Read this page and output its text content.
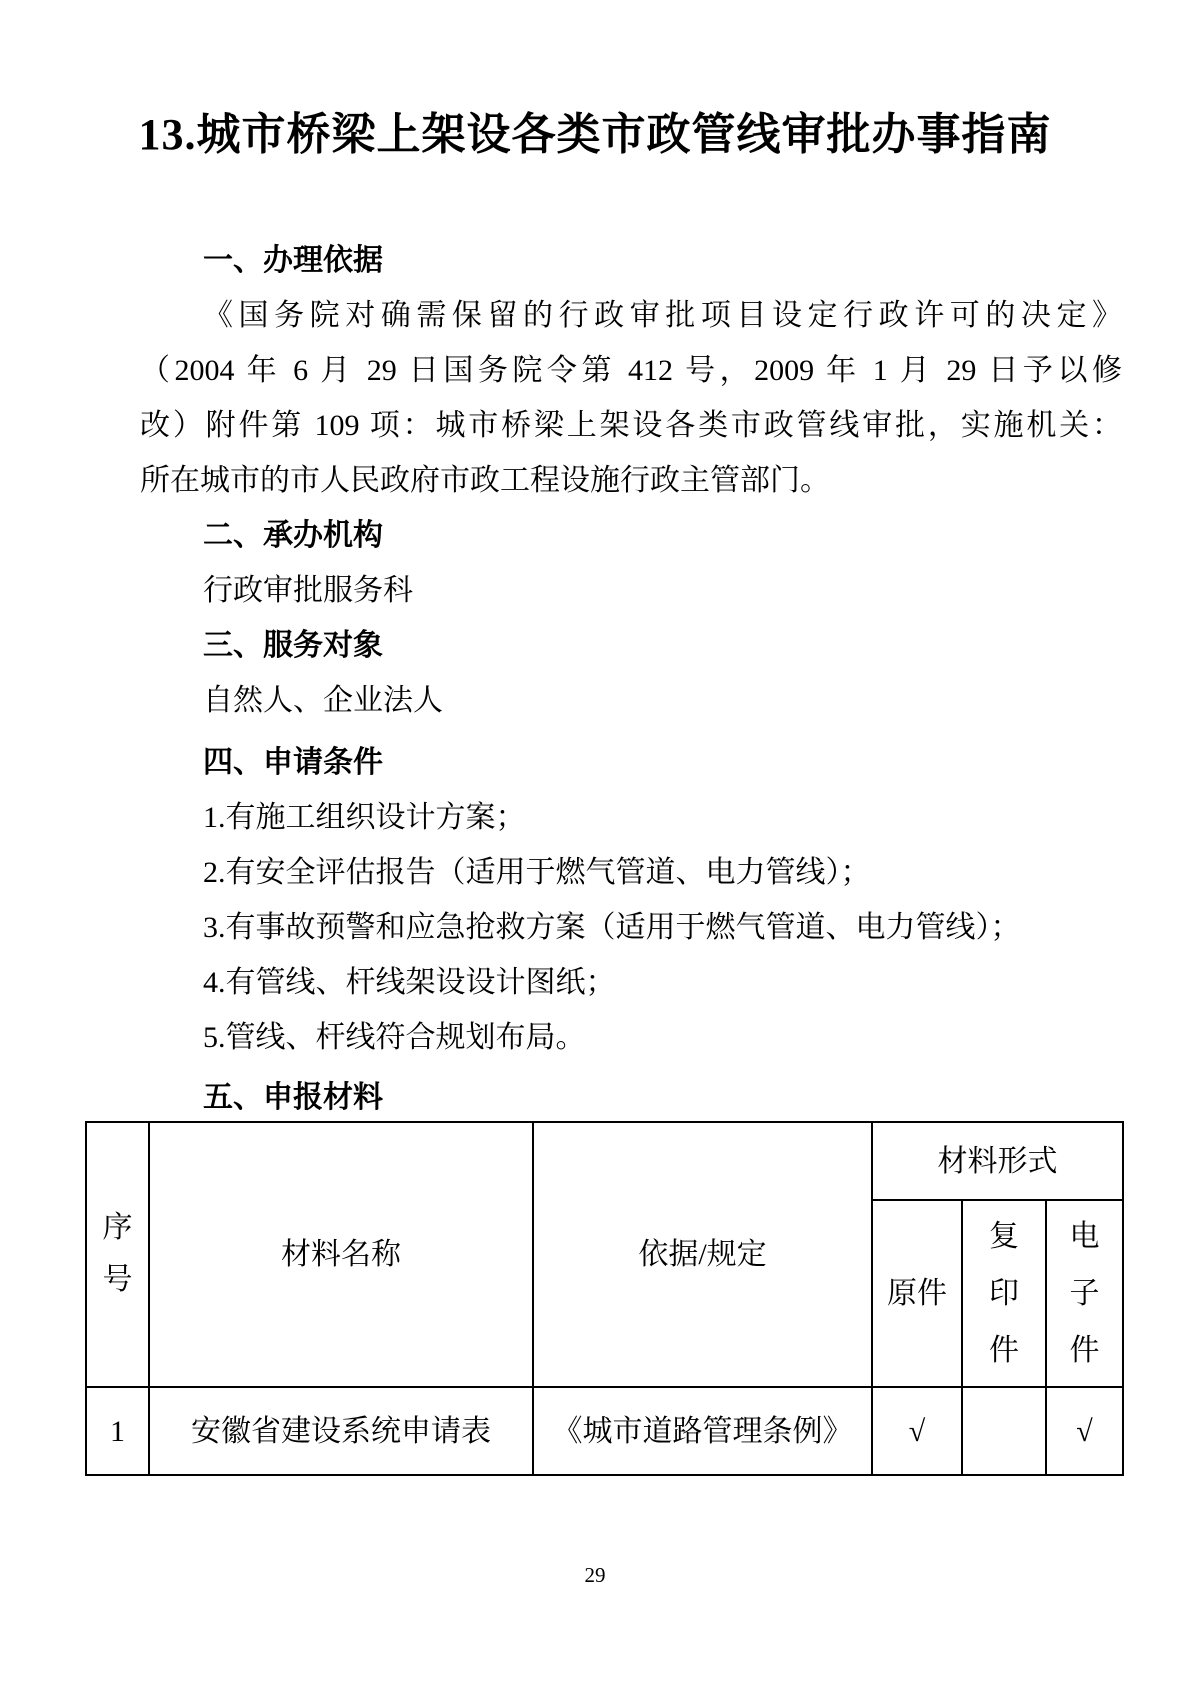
13.城市桥梁上架设各类市政管线审批办事指南
一、办理依据
《国务院对确需保留的行政审批项目设定行政许可的决定》
（2004 年 6 月 29 日国务院令第 412 号，2009 年 1 月 29 日予以修
改）附件第 109 项：城市桥梁上架设各类市政管线审批，实施机关：
所在城市的市人民政府市政工程设施行政主管部门。
二、承办机构
行政审批服务科
三、服务对象
自然人、企业法人
四、申请条件
1.有施工组织设计方案；
2.有安全评估报告（适用于燃气管道、电力管线）；
3.有事故预警和应急抢救方案（适用于燃气管道、电力管线）；
4.有管线、杆线架设设计图纸；
5.管线、杆线符合规划布局。
五、申报材料
序号	材料名称	依据/规定	材料形式		
			原件	复印件	电子件
1	安徽省建设系统申请表	《城市道路管理条例》	√		√
29
